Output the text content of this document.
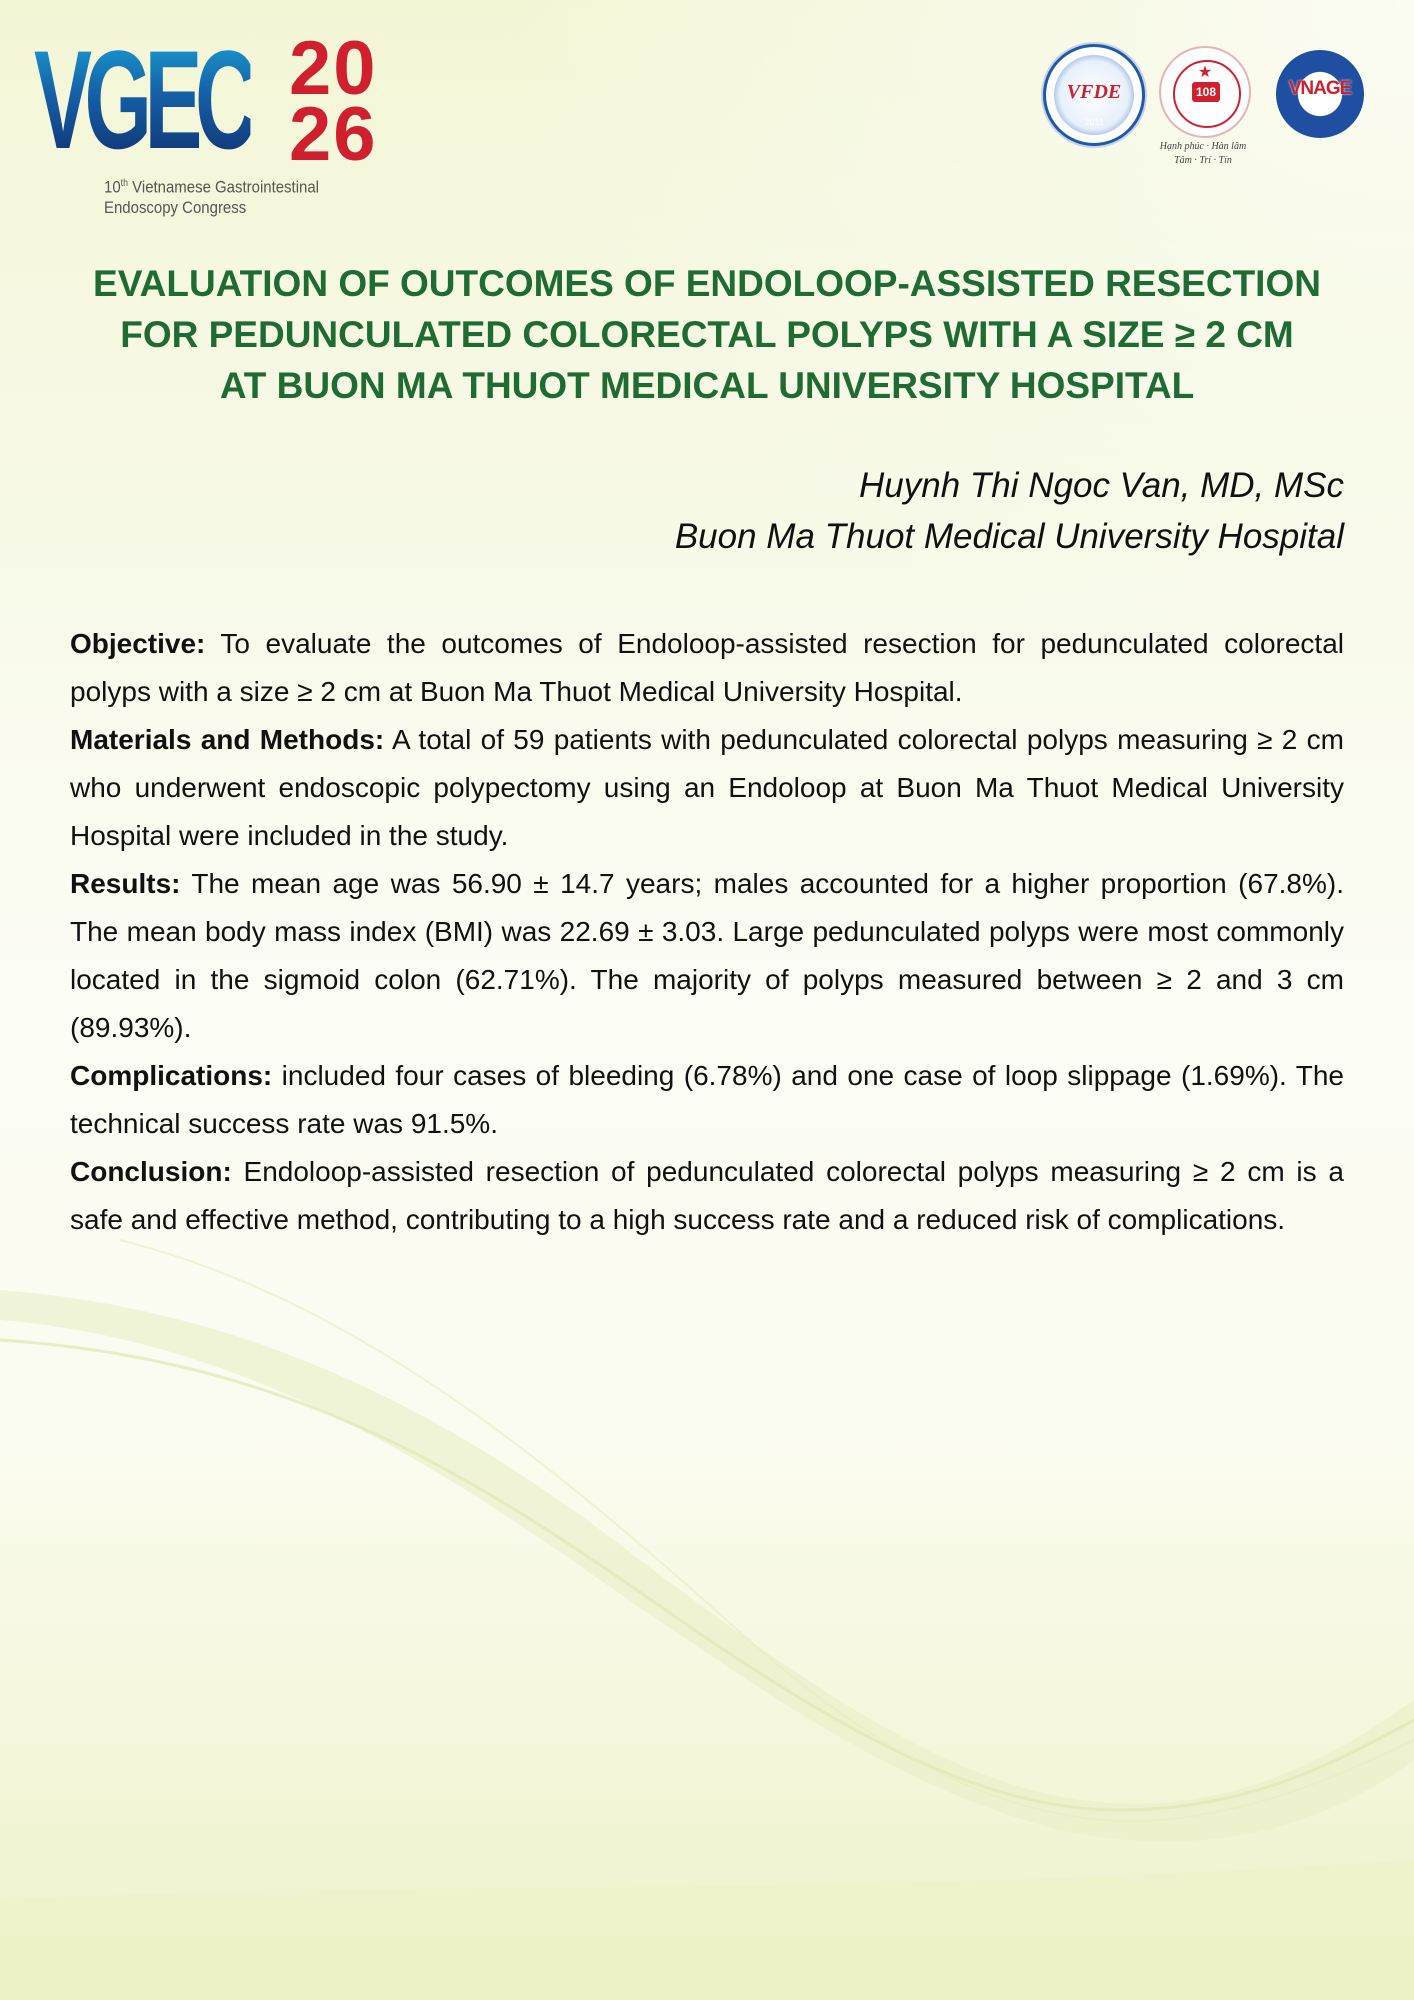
VGEC 20
26
10th Vietnamese Gastrointestinal
Endoscopy Congress
VFDE
2011
★
108
Hạnh phúc · Hàn lâm
Tâm · Trí · Tín
VNAGE
EVALUATION OF OUTCOMES OF ENDOLOOP-ASSISTED RESECTION
FOR PEDUNCULATED COLORECTAL POLYPS WITH A SIZE ≥ 2 CM
AT BUON MA THUOT MEDICAL UNIVERSITY HOSPITAL
Huynh Thi Ngoc Van, MD, MSc
Buon Ma Thuot Medical University Hospital

Objective: To evaluate the outcomes of Endoloop-assisted resection for pedunculated colorectal polyps with a size ≥ 2 cm at Buon Ma Thuot Medical University Hospital.

Materials and Methods: A total of 59 patients with pedunculated colorectal polyps measuring ≥ 2 cm who underwent endoscopic polypectomy using an Endoloop at Buon Ma Thuot Medical University Hospital were included in the study.

Results: The mean age was 56.90 ± 14.7 years; males accounted for a higher proportion (67.8%). The mean body mass index (BMI) was 22.69 ± 3.03. Large pedunculated polyps were most commonly located in the sigmoid colon (62.71%). The majority of polyps measured between ≥ 2 and 3 cm (89.93%).

Complications: included four cases of bleeding (6.78%) and one case of loop slippage (1.69%). The technical success rate was 91.5%.

Conclusion: Endoloop-assisted resection of pedunculated colorectal polyps measuring ≥ 2 cm is a safe and effective method, contributing to a high success rate and a reduced risk of complications.
